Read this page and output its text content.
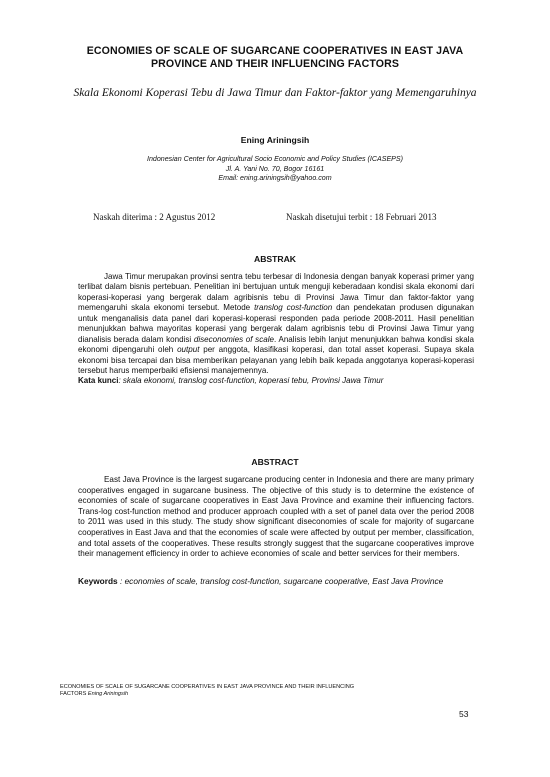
ECONOMIES OF SCALE OF SUGARCANE COOPERATIVES IN EAST JAVA PROVINCE AND THEIR INFLUENCING FACTORS
Skala Ekonomi Koperasi Tebu di Jawa Timur dan Faktor-faktor yang Memengaruhinya
Ening Ariningsih
Indonesian Center for Agricultural Socio Economic and Policy Studies (ICASEPS)
Jl. A. Yani No. 70, Bogor 16161
Email: ening.ariningsih@yahoo.com
Naskah diterima : 2 Agustus 2012	Naskah disetujui terbit : 18 Februari 2013
ABSTRAK

Jawa Timur merupakan provinsi sentra tebu terbesar di Indonesia dengan banyak koperasi primer yang terlibat dalam bisnis pertebuan. Penelitian ini bertujuan untuk menguji keberadaan kondisi skala ekonomi dari koperasi-koperasi yang bergerak dalam agribisnis tebu di Provinsi Jawa Timur dan faktor-faktor yang memengaruhi skala ekonomi tersebut. Metode translog cost-function dan pendekatan produsen digunakan untuk menganalisis data panel dari koperasi-koperasi responden pada periode 2008-2011. Hasil penelitian menunjukkan bahwa mayoritas koperasi yang bergerak dalam agribisnis tebu di Provinsi Jawa Timur yang dianalisis berada dalam kondisi diseconomies of scale. Analisis lebih lanjut menunjukkan bahwa kondisi skala ekonomi dipengaruhi oleh output per anggota, klasifikasi koperasi, dan total asset koperasi. Supaya skala ekonomi bisa tercapai dan bisa memberikan pelayanan yang lebih baik kepada anggotanya koperasi-koperasi tersebut harus memperbaiki efisiensi manajemennya.

Kata kunci: skala ekonomi, translog cost-function, koperasi tebu, Provinsi Jawa Timur
ABSTRACT

East Java Province is the largest sugarcane producing center in Indonesia and there are many primary cooperatives engaged in sugarcane business. The objective of this study is to determine the existence of economies of scale of sugarcane cooperatives in East Java Province and examine their influencing factors. Trans-log cost-function method and producer approach coupled with a set of panel data over the period 2008 to 2011 was used in this study. The study show significant diseconomies of scale for majority of sugarcane cooperatives in East Java and that the economies of scale were affected by output per member, classification, and total assets of the cooperatives. These results strongly suggest that the sugarcane cooperatives improve their management efficiency in order to achieve economies of scale and better services for their members.

Keywords : economies of scale, translog cost-function, sugarcane cooperative, East Java Province
ECONOMIES OF SCALE OF SUGARCANE COOPERATIVES IN EAST JAVA PROVINCE AND THEIR INFLUENCING
FACTORS Ening Ariningsih
53
